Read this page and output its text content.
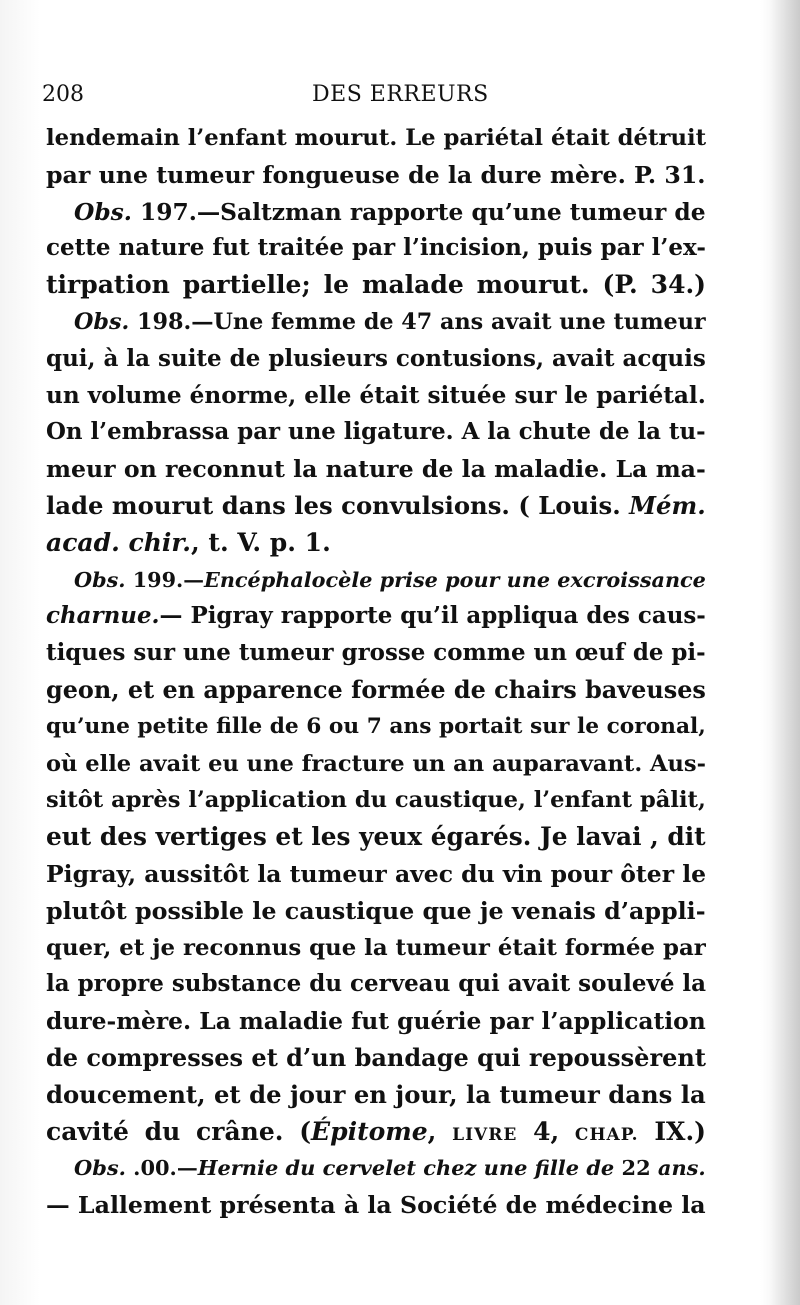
208	DES ERREURS
lendemain l’enfant mourut. Le pariétal était détruit
par une tumeur fongueuse de la dure mère. P. 31.
Obs. 197.—Saltzman rapporte qu’une tumeur de
cette nature fut traitée par l’incision, puis par l’ex-
tirpation partielle; le malade mourut. (P. 34.)
Obs. 198.—Une femme de 47 ans avait une tumeur
qui, à la suite de plusieurs contusions, avait acquis
un volume énorme, elle était située sur le pariétal.
On l’embrassa par une ligature. A la chute de la tu-
meur on reconnut la nature de la maladie. La ma-
lade mourut dans les convulsions. ( Louis. Mém.
acad. chir., t. V. p. 1.
Obs. 199.—Encéphalocèle prise pour une excroissance
charnue.— Pigray rapporte qu’il appliqua des caus-
tiques sur une tumeur grosse comme un œuf de pi-
geon, et en apparence formée de chairs baveuses
qu’une petite fille de 6 ou 7 ans portait sur le coronal,
où elle avait eu une fracture un an auparavant. Aus-
sitôt après l’application du caustique, l’enfant pâlit,
eut des vertiges et les yeux égarés. Je lavai , dit
Pigray, aussitôt la tumeur avec du vin pour ôter le
plutôt possible le caustique que je venais d’appli-
quer, et je reconnus que la tumeur était formée par
la propre substance du cerveau qui avait soulevé la
dure-mère. La maladie fut guérie par l’application
de compresses et d’un bandage qui repoussèrent
doucement, et de jour en jour, la tumeur dans la
cavité du crâne. (Épitome, LIVRE 4, CHAP. IX.)
Obs. .00.—Hernie du cervelet chez une fille de 22 ans.
— Lallement présenta à la Société de médecine la
